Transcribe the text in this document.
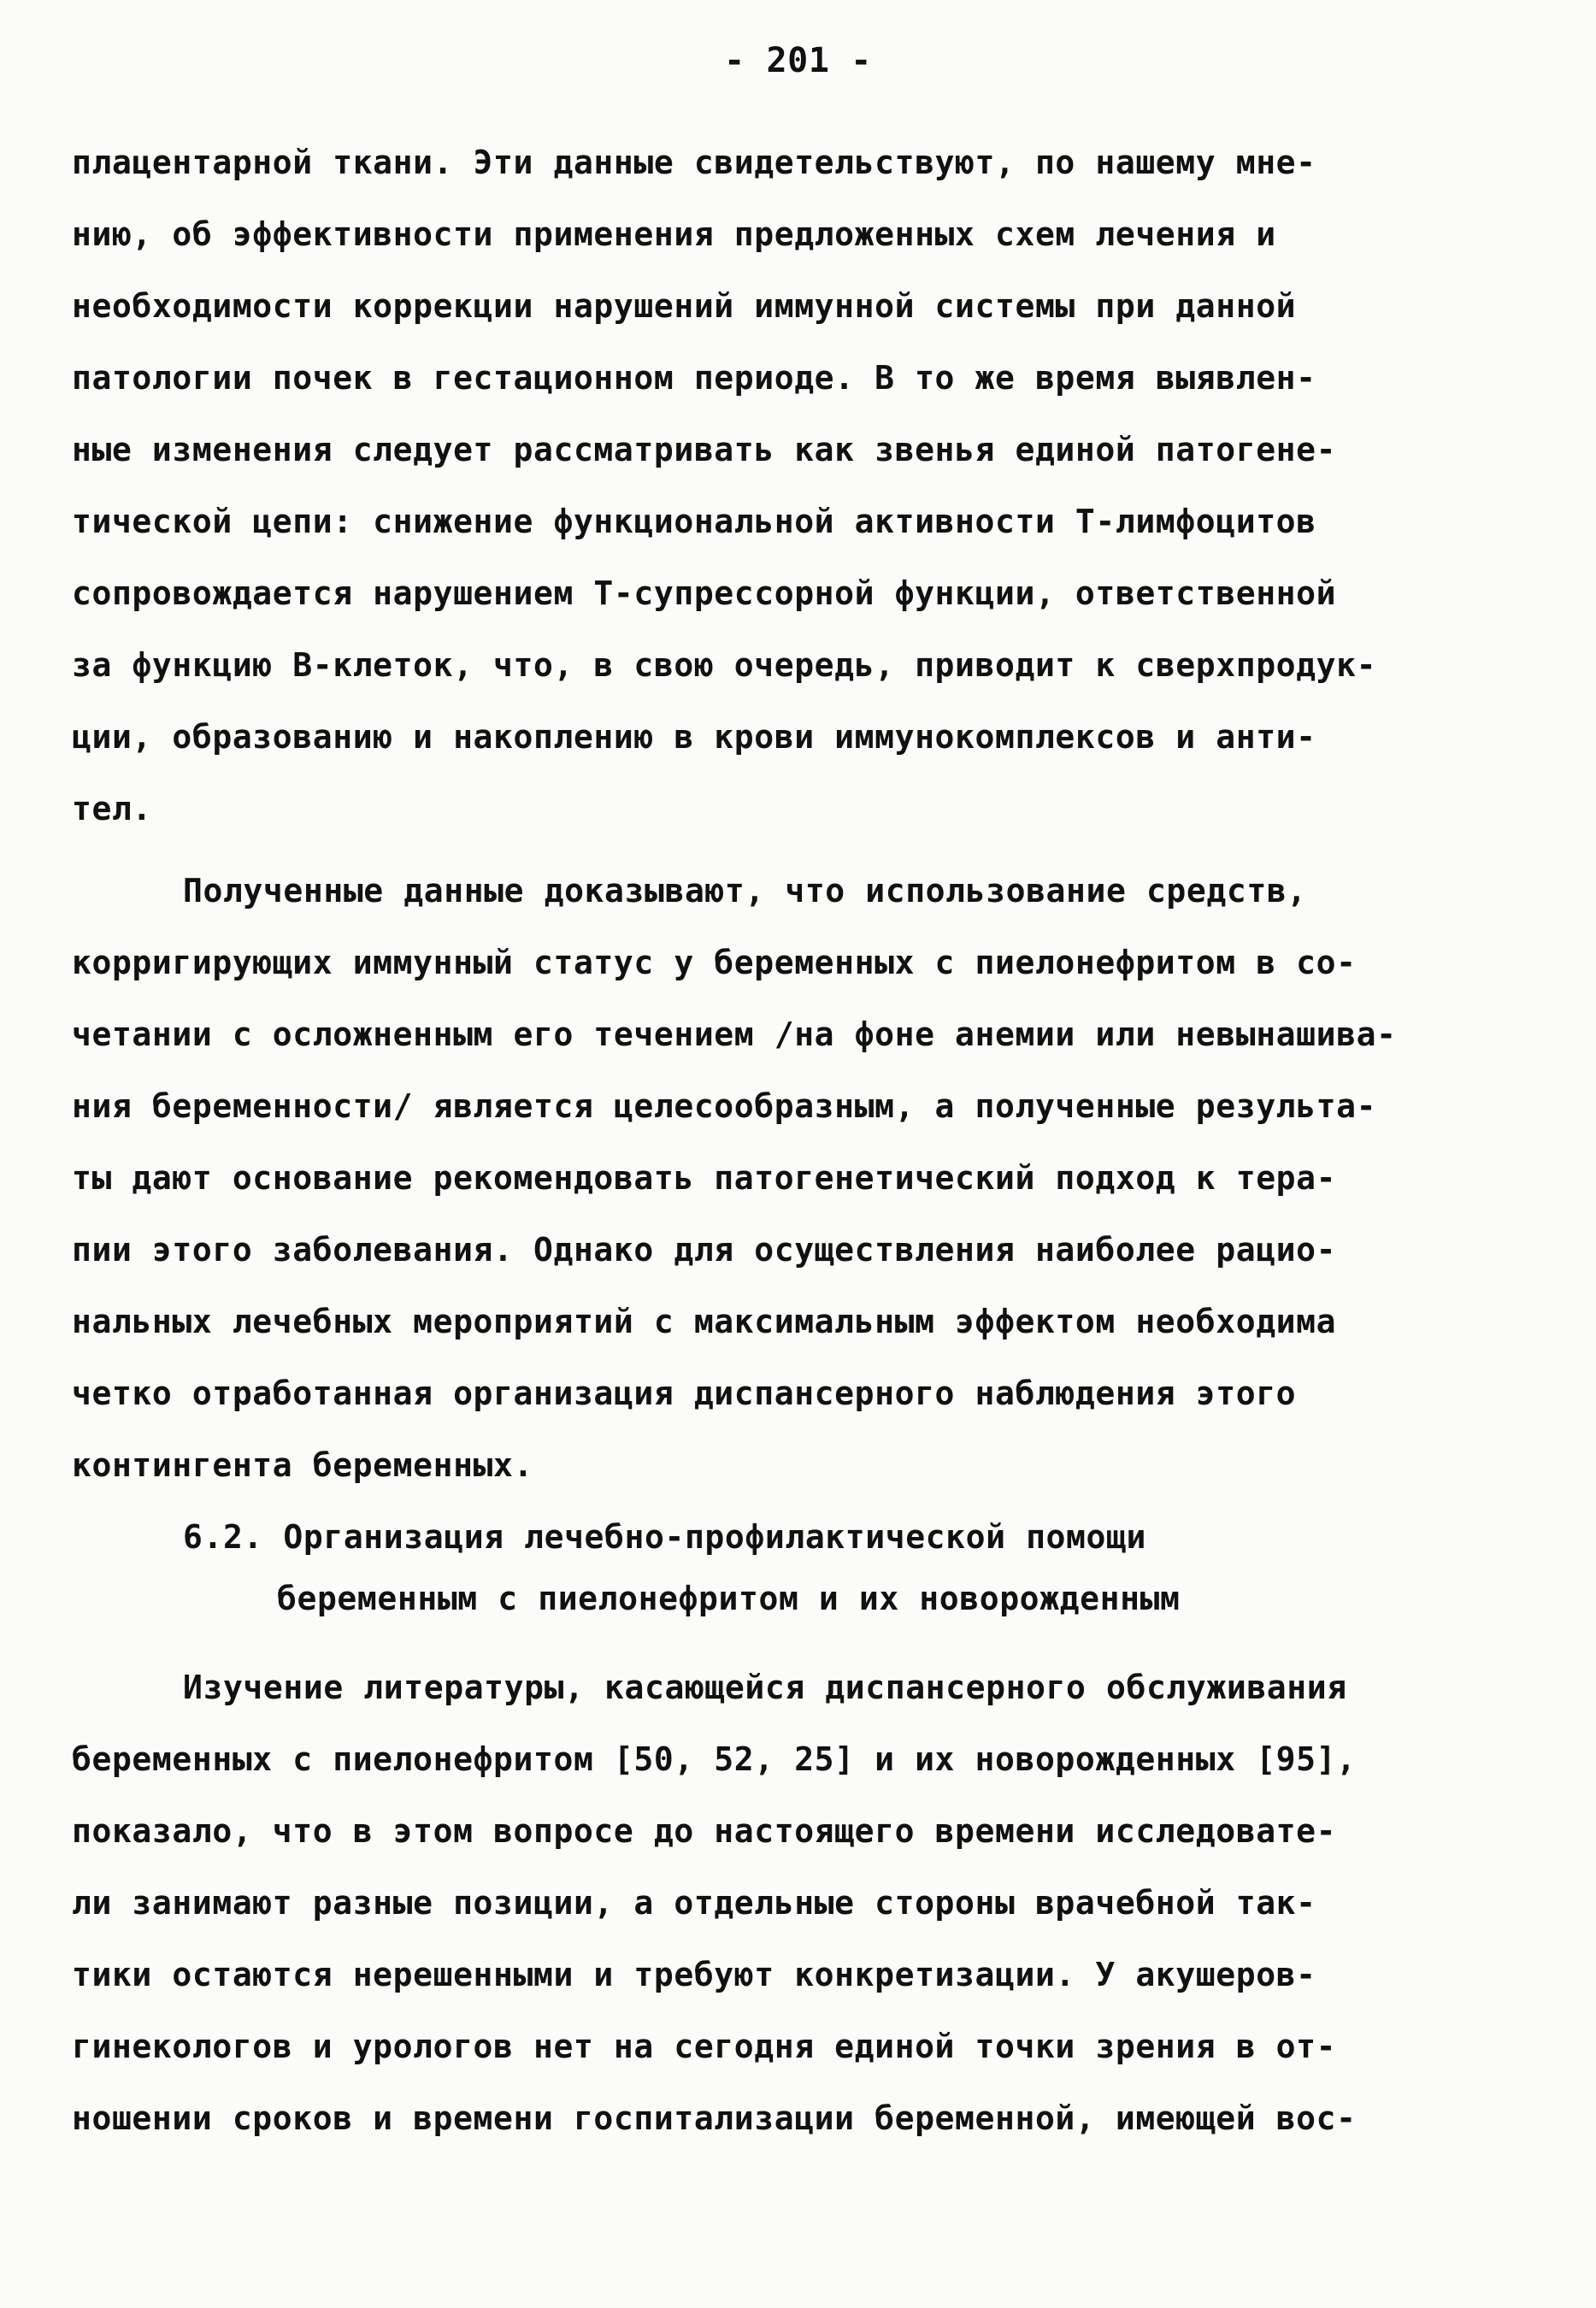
- 201 -
плацентарной ткани. Эти данные свидетельствуют, по нашему мне-
нию, об эффективности применения предложенных схем лечения и
необходимости коррекции нарушений иммунной системы при данной
патологии почек в гестационном периоде. В то же время выявлен-
ные изменения следует рассматривать как звенья единой патогене-
тической цепи: снижение функциональной активности Т-лимфоцитов
сопровождается нарушением Т-супрессорной функции, ответственной
за функцию В-клеток, что, в свою очередь, приводит к сверхпродук-
ции, образованию и накоплению в крови иммунокомплексов и анти-
тел.
Полученные данные доказывают, что использование средств,
корригирующих иммунный статус у беременных с пиелонефритом в со-
четании с осложненным его течением /на фоне анемии или невынашива-
ния беременности/ является целесообразным, а полученные результа-
ты дают основание рекомендовать патогенетический подход к тера-
пии этого заболевания. Однако для осуществления наиболее рацио-
нальных лечебных мероприятий с максимальным эффектом необходима
четко отработанная организация диспансерного наблюдения этого
контингента беременных.
6.2. Организация лечебно-профилактической помощи
беременным с пиелонефритом и их новорожденным
Изучение литературы, касающейся диспансерного обслуживания
беременных с пиелонефритом [50, 52, 25] и их новорожденных [95],
показало, что в этом вопросе до настоящего времени исследовате-
ли занимают разные позиции, а отдельные стороны врачебной так-
тики остаются нерешенными и требуют конкретизации. У акушеров-
гинекологов и урологов нет на сегодня единой точки зрения в от-
ношении сроков и времени госпитализации беременной, имеющей вос-
